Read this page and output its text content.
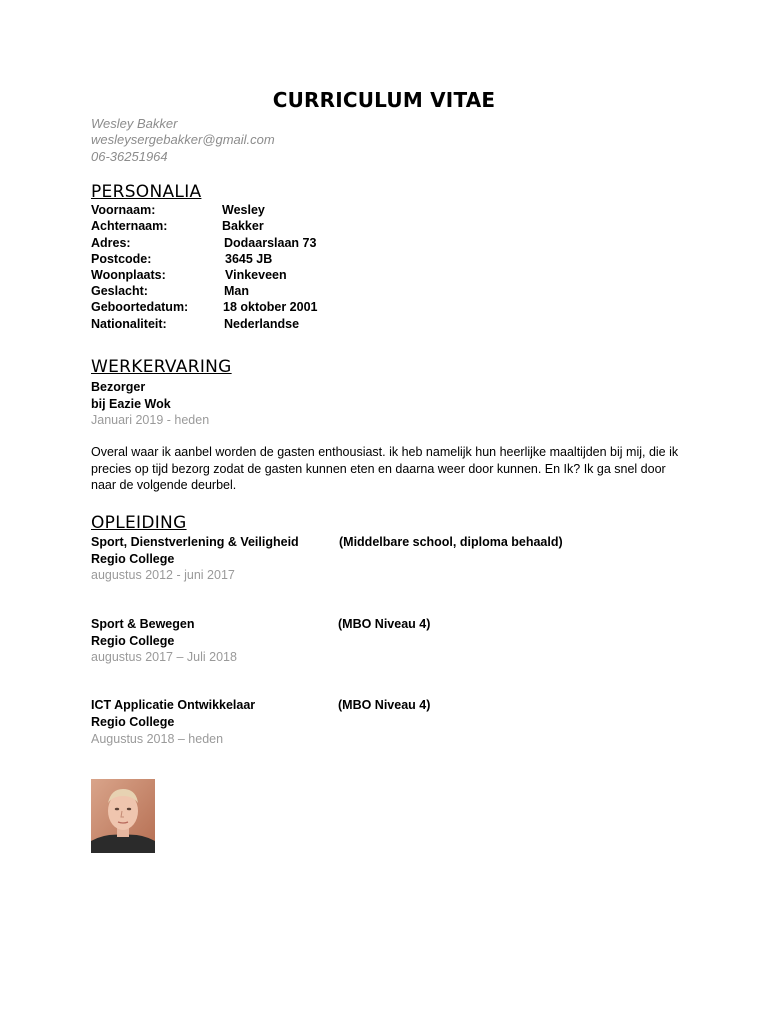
CURRICULUM VITAE
Wesley Bakker
wesleysergebakker@gmail.com
06-36251964
PERSONALIA
Voornaam:	Wesley
Achternaam:	Bakker
Adres:	Dodaarslaan 73
Postcode:	3645 JB
Woonplaats:	Vinkeveen
Geslacht:	Man
Geboortedatum:	18 oktober 2001
Nationaliteit:	Nederlandse
WERKERVARING
Bezorger
bij Eazie Wok
Januari 2019 - heden
Overal waar ik aanbel worden de gasten enthousiast. ik heb namelijk hun heerlijke maaltijden bij mij, die ik precies op tijd bezorg zodat de gasten kunnen eten en daarna weer door kunnen. En Ik? Ik ga snel door naar de volgende deurbel.
OPLEIDING
Sport, Dienstverlening & Veiligheid	(Middelbare school, diploma behaald)
Regio College
augustus 2012 - juni 2017
Sport & Bewegen	(MBO Niveau 4)
Regio College
augustus 2017 – Juli 2018
ICT Applicatie Ontwikkelaar	(MBO Niveau 4)
Regio College
Augustus 2018 – heden
